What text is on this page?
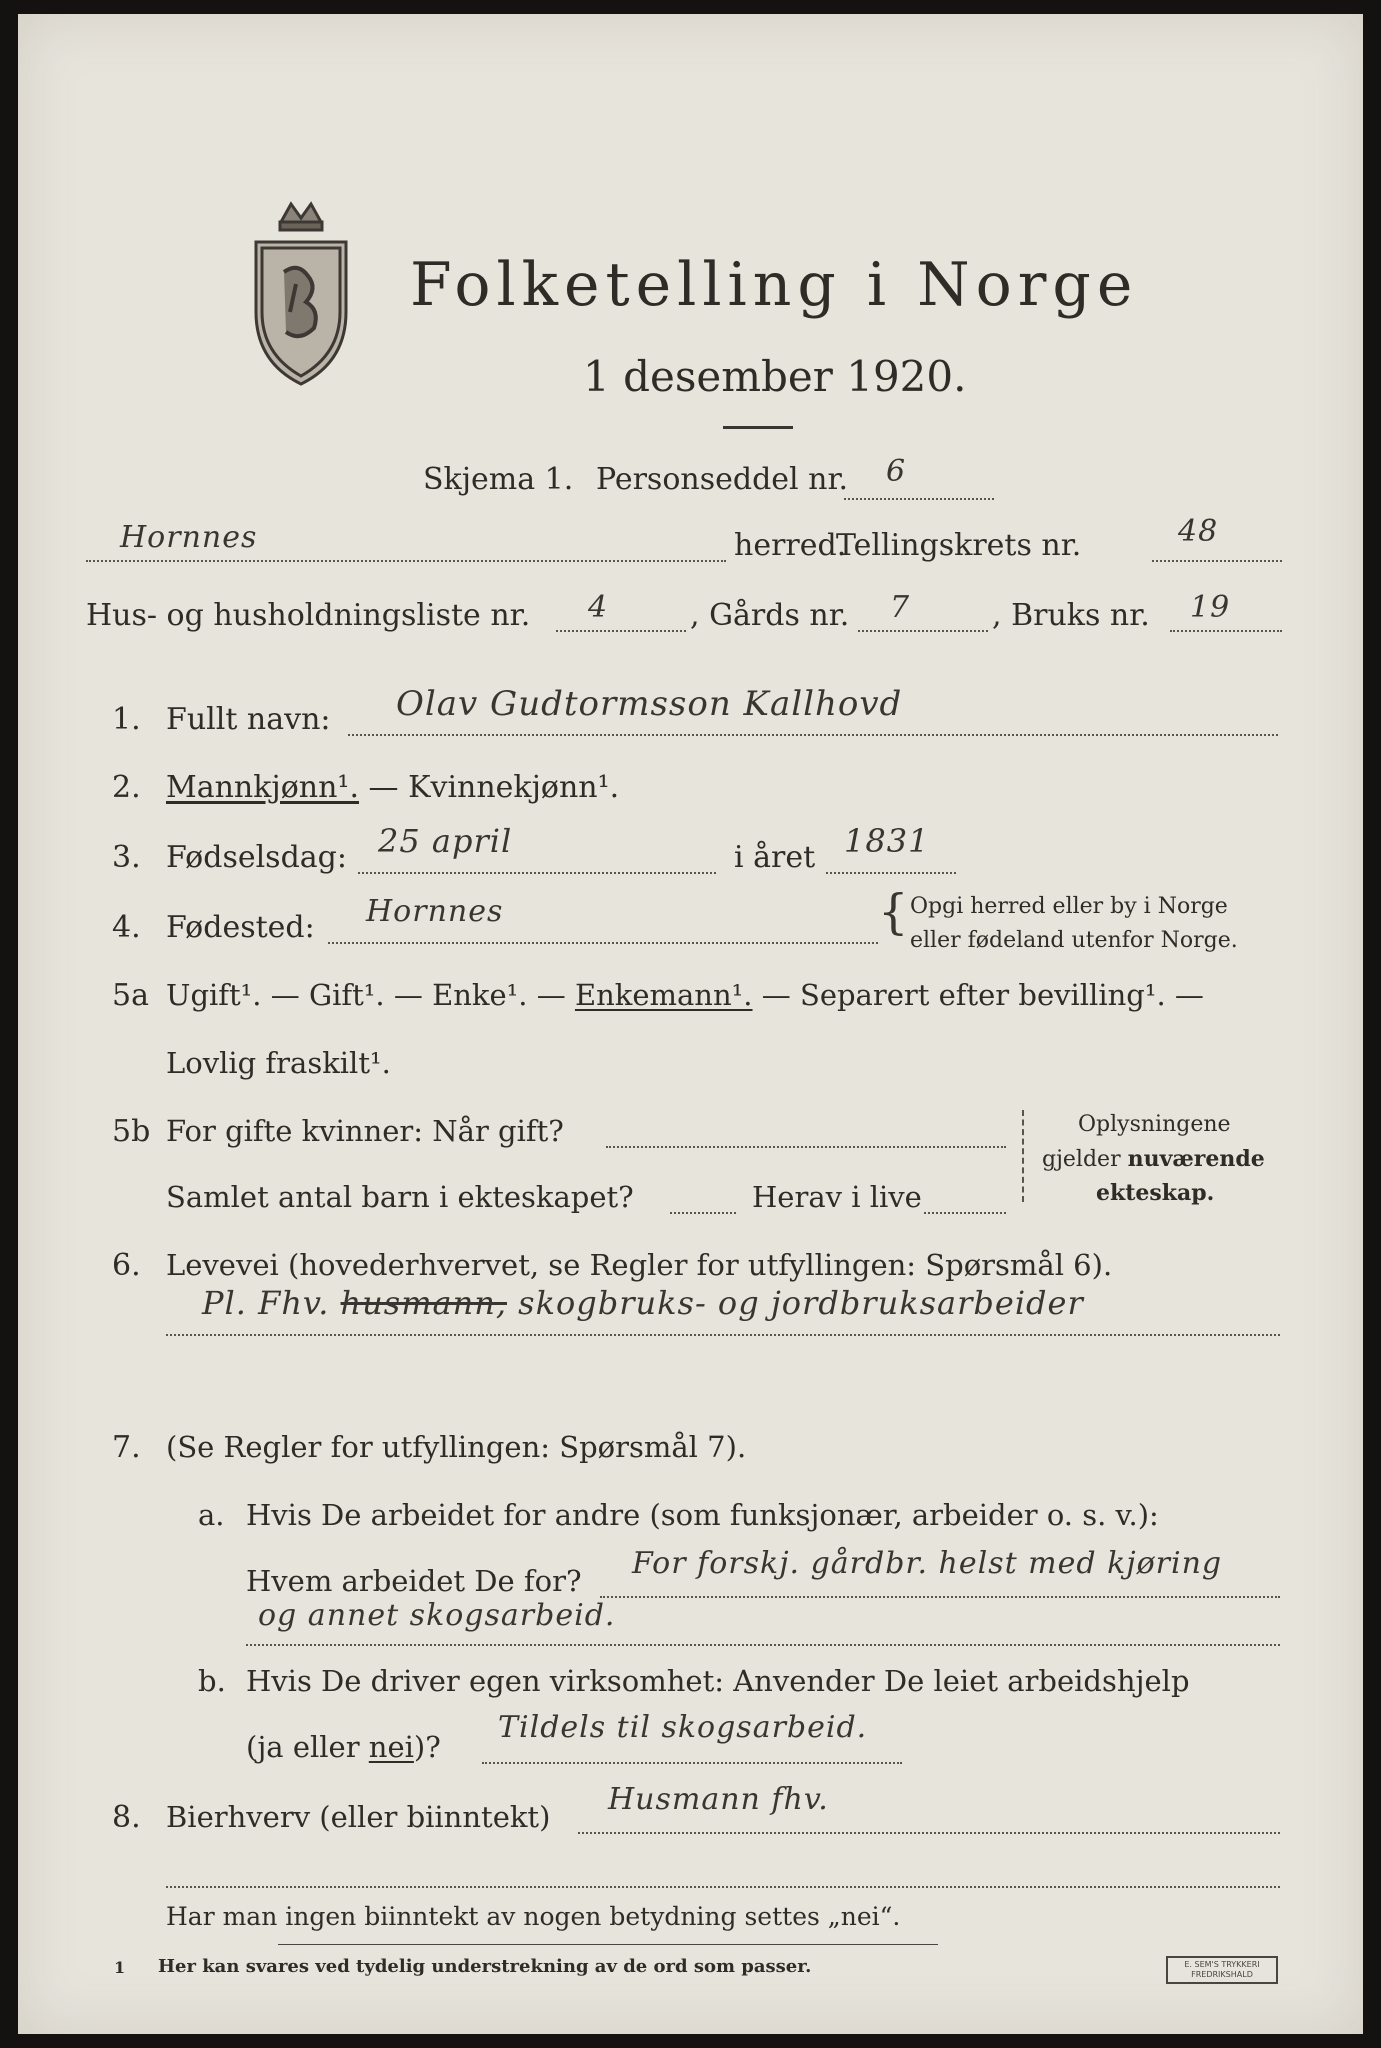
Folketelling i Norge
1 desember 1920.
Skjema 1. Personseddel nr. 6
Hornnes	herred.
Tellingskrets nr.	48
Hus- og husholdningsliste nr. 4	, Gårds nr. 7	, Bruks nr. 19
1. Fullt navn: Olav Gudtormsson Kallhovd
2. Mannkjønn¹. — Kvinnekjønn¹.
3. Fødselsdag: 25 april	i året 1831
4. Fødested: Hornnes	{ Opgi herred eller by i Norge
eller fødeland utenfor Norge.
5a Ugift¹. — Gift¹. — Enke¹. — Enkemann¹. — Separert efter bevilling¹. —
Lovlig fraskilt¹.
5b For gifte kvinner: Når gift?
Samlet antal barn i ekteskapet?	Herav i live
Oplysningene
gjelder nuværende
ekteskap.
6. Levevei (hovederhvervet, se Regler for utfyllingen: Spørsmål 6).
Pl. Fhv. husmann, skogbruks- og jordbruksarbeider
7. (Se Regler for utfyllingen: Spørsmål 7).
a. Hvis De arbeidet for andre (som funksjonær, arbeider o. s. v.):
Hvem arbeidet De for? For forskj. gårdbr. helst med kjøring
og annet skogsarbeid.
b. Hvis De driver egen virksomhet: Anvender De leiet arbeidshjelp
(ja eller nei)?
Tildels til skogsarbeid.
8. Bierhverv (eller biinntekt) Husmann fhv.
Har man ingen biinntekt av nogen betydning settes „nei“.
1 Her kan svares ved tydelig understrekning av de ord som passer.	E. SEM'S TRYKKERI
FREDRIKSHALD
